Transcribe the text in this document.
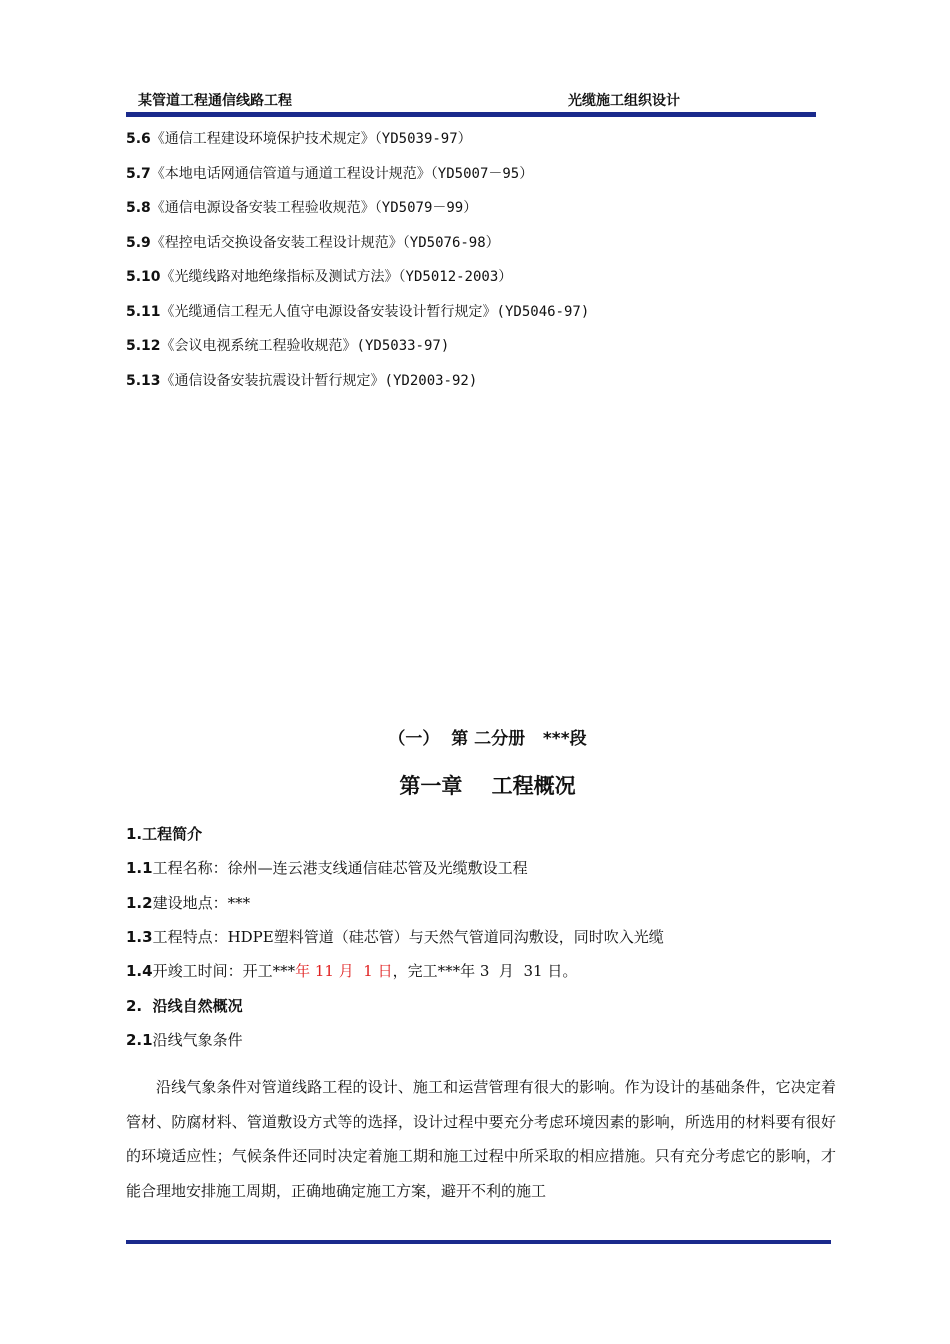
某管道工程通信线路工程	光缆施工组织设计
5.6《通信工程建设环境保护技术规定》（YD5039-97）
5.7《本地电话网通信管道与通道工程设计规范》（YD5007－95）
5.8《通信电源设备安装工程验收规范》（YD5079－99）
5.9《程控电话交换设备安装工程设计规范》（YD5076-98）
5.10《光缆线路对地绝缘指标及测试方法》（YD5012-2003）
5.11《光缆通信工程无人值守电源设备安装设计暂行规定》(YD5046-97)
5.12《会议电视系统工程验收规范》(YD5033-97)
5.13《通信设备安装抗震设计暂行规定》(YD2003-92)
（一）  第 二分册   ***段
第一章    工程概况
1.工程简介
1.1工程名称：徐州—连云港支线通信硅芯管及光缆敷设工程
1.2建设地点：***
1.3工程特点：HDPE塑料管道（硅芯管）与天然气管道同沟敷设，同时吹入光缆
1.4开竣工时间：开工***年 11 月  1 日，完工***年 3  月  31 日。
2.  沿线自然概况
2.1沿线气象条件

沿线气象条件对管道线路工程的设计、施工和运营管理有很大的影响。作为设计的基础条件，它决定着管材、防腐材料、管道敷设方式等的选择，设计过程中要充分考虑环境因素的影响，所选用的材料要有很好的环境适应性；气候条件还同时决定着施工期和施工过程中所采取的相应措施。只有充分考虑它的影响，才能合理地安排施工周期，正确地确定施工方案，避开不利的施工
